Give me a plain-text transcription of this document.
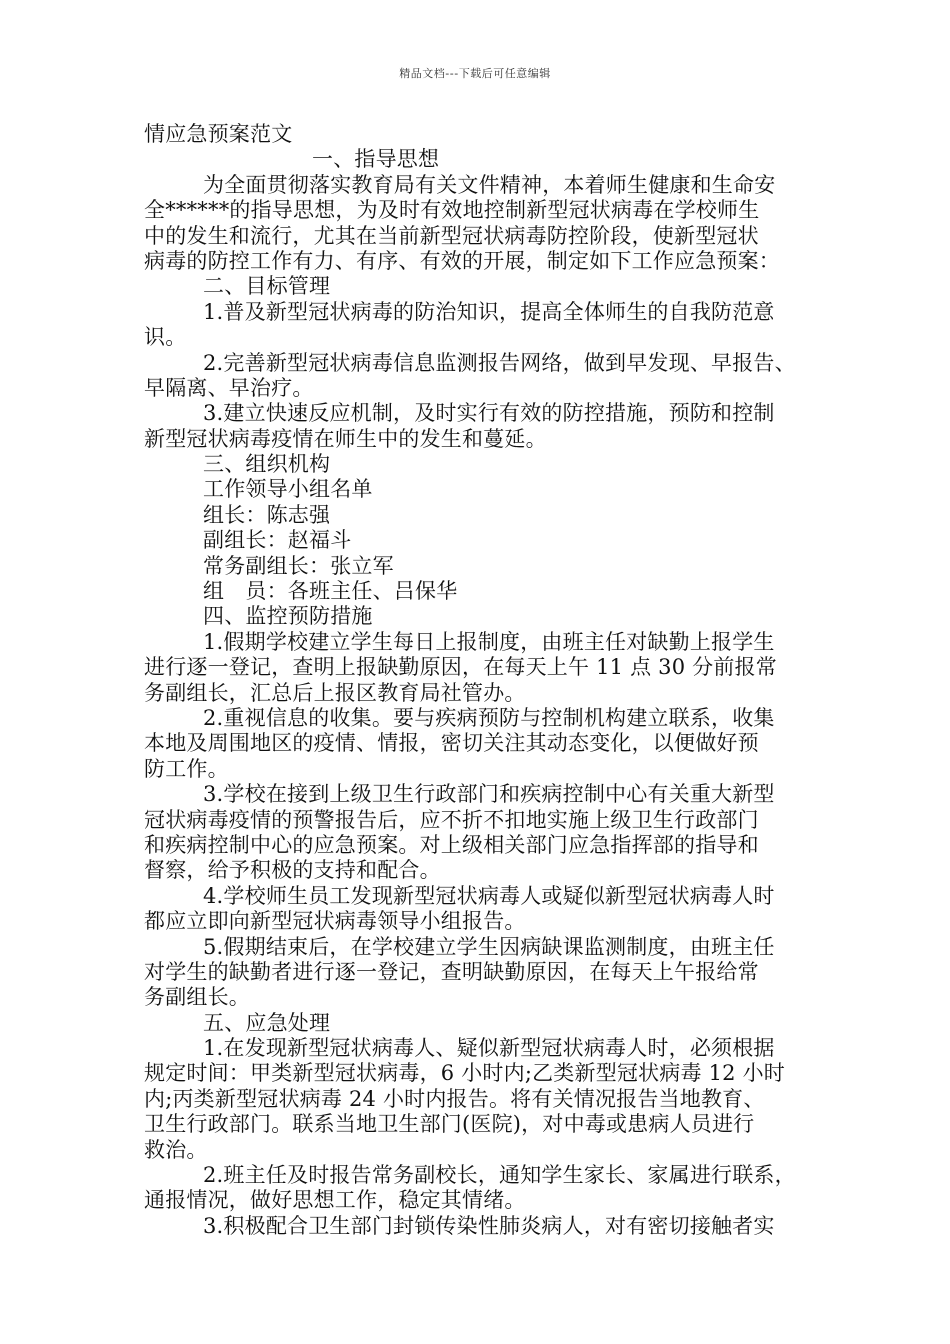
精品文档---下载后可任意编辑
情应急预案范文
一、指导思想
为全面贯彻落实教育局有关文件精神，本着师生健康和生命安
全******的指导思想，为及时有效地控制新型冠状病毒在学校师生
中的发生和流行，尤其在当前新型冠状病毒防控阶段，使新型冠状
病毒的防控工作有力、有序、有效的开展，制定如下工作应急预案：
二、目标管理
1.普及新型冠状病毒的防治知识，提高全体师生的自我防范意
识。
2.完善新型冠状病毒信息监测报告网络，做到早发现、早报告、
早隔离、早治疗。
3.建立快速反应机制，及时实行有效的防控措施，预防和控制
新型冠状病毒疫情在师生中的发生和蔓延。
三、组织机构
工作领导小组名单
组长：陈志强
副组长：赵福斗
常务副组长：张立军
组　员：各班主任、吕保华
四、监控预防措施
1.假期学校建立学生每日上报制度，由班主任对缺勤上报学生
进行逐一登记，查明上报缺勤原因，在每天上午 11 点 30 分前报常
务副组长，汇总后上报区教育局社管办。
2.重视信息的收集。要与疾病预防与控制机构建立联系，收集
本地及周围地区的疫情、情报，密切关注其动态变化，以便做好预
防工作。
3.学校在接到上级卫生行政部门和疾病控制中心有关重大新型
冠状病毒疫情的预警报告后，应不折不扣地实施上级卫生行政部门
和疾病控制中心的应急预案。对上级相关部门应急指挥部的指导和
督察，给予积极的支持和配合。
4.学校师生员工发现新型冠状病毒人或疑似新型冠状病毒人时
都应立即向新型冠状病毒领导小组报告。
5.假期结束后，在学校建立学生因病缺课监测制度，由班主任
对学生的缺勤者进行逐一登记，查明缺勤原因，在每天上午报给常
务副组长。
五、应急处理
1.在发现新型冠状病毒人、疑似新型冠状病毒人时，必须根据
规定时间：甲类新型冠状病毒，6 小时内;乙类新型冠状病毒 12 小时
内;丙类新型冠状病毒 24 小时内报告。将有关情况报告当地教育、
卫生行政部门。联系当地卫生部门(医院)，对中毒或患病人员进行
救治。
2.班主任及时报告常务副校长，通知学生家长、家属进行联系，
通报情况，做好思想工作，稳定其情绪。
3.积极配合卫生部门封锁传染性肺炎病人，对有密切接触者实
